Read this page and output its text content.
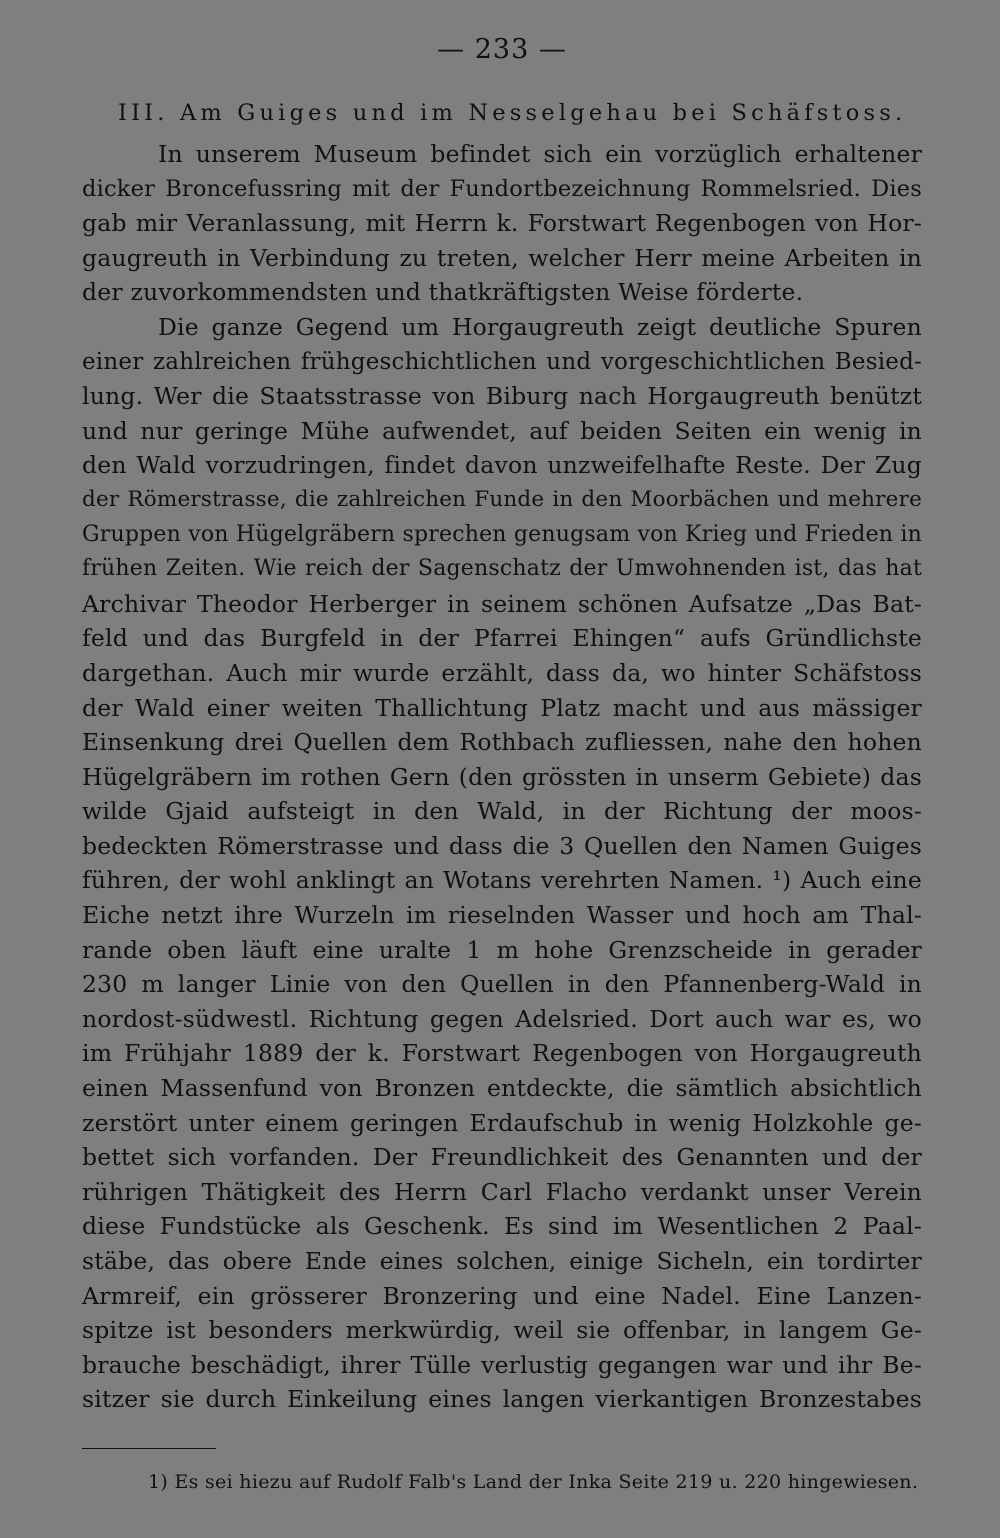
— 233 —
III. Am Guiges und im Nesselgehau bei Schäfstoss.
In unserem Museum befindet sich ein vorzüglich erhaltener
dicker Broncefussring mit der Fundortbezeichnung Rommelsried. Dies
gab mir Veranlassung, mit Herrn k. Forstwart Regenbogen von Hor-
gaugreuth in Verbindung zu treten, welcher Herr meine Arbeiten in
der zuvorkommendsten und thatkräftigsten Weise förderte.
Die ganze Gegend um Horgaugreuth zeigt deutliche Spuren
einer zahlreichen frühgeschichtlichen und vorgeschichtlichen Besied-
lung. Wer die Staatsstrasse von Biburg nach Horgaugreuth benützt
und nur geringe Mühe aufwendet, auf beiden Seiten ein wenig in
den Wald vorzudringen, findet davon unzweifelhafte Reste. Der Zug
der Römerstrasse, die zahlreichen Funde in den Moorbächen und mehrere
Gruppen von Hügelgräbern sprechen genugsam von Krieg und Frieden in
frühen Zeiten. Wie reich der Sagenschatz der Umwohnenden ist, das hat
Archivar Theodor Herberger in seinem schönen Aufsatze „Das Bat-
feld und das Burgfeld in der Pfarrei Ehingen“ aufs Gründlichste
dargethan. Auch mir wurde erzählt, dass da, wo hinter Schäfstoss
der Wald einer weiten Thallichtung Platz macht und aus mässiger
Einsenkung drei Quellen dem Rothbach zufliessen, nahe den hohen
Hügelgräbern im rothen Gern (den grössten in unserm Gebiete) das
wilde Gjaid aufsteigt in den Wald, in der Richtung der moos-
bedeckten Römerstrasse und dass die 3 Quellen den Namen Guiges
führen, der wohl anklingt an Wotans verehrten Namen. ¹) Auch eine
Eiche netzt ihre Wurzeln im rieselnden Wasser und hoch am Thal-
rande oben läuft eine uralte 1 m hohe Grenzscheide in gerader
230 m langer Linie von den Quellen in den Pfannenberg-Wald in
nordost-südwestl. Richtung gegen Adelsried. Dort auch war es, wo
im Frühjahr 1889 der k. Forstwart Regenbogen von Horgaugreuth
einen Massenfund von Bronzen entdeckte, die sämtlich absichtlich
zerstört unter einem geringen Erdaufschub in wenig Holzkohle ge-
bettet sich vorfanden. Der Freundlichkeit des Genannten und der
rührigen Thätigkeit des Herrn Carl Flacho verdankt unser Verein
diese Fundstücke als Geschenk. Es sind im Wesentlichen 2 Paal-
stäbe, das obere Ende eines solchen, einige Sicheln, ein tordirter
Armreif, ein grösserer Bronzering und eine Nadel. Eine Lanzen-
spitze ist besonders merkwürdig, weil sie offenbar, in langem Ge-
brauche beschädigt, ihrer Tülle verlustig gegangen war und ihr Be-
sitzer sie durch Einkeilung eines langen vierkantigen Bronzestabes
1) Es sei hiezu auf Rudolf Falb's Land der Inka Seite 219 u. 220 hingewiesen.
